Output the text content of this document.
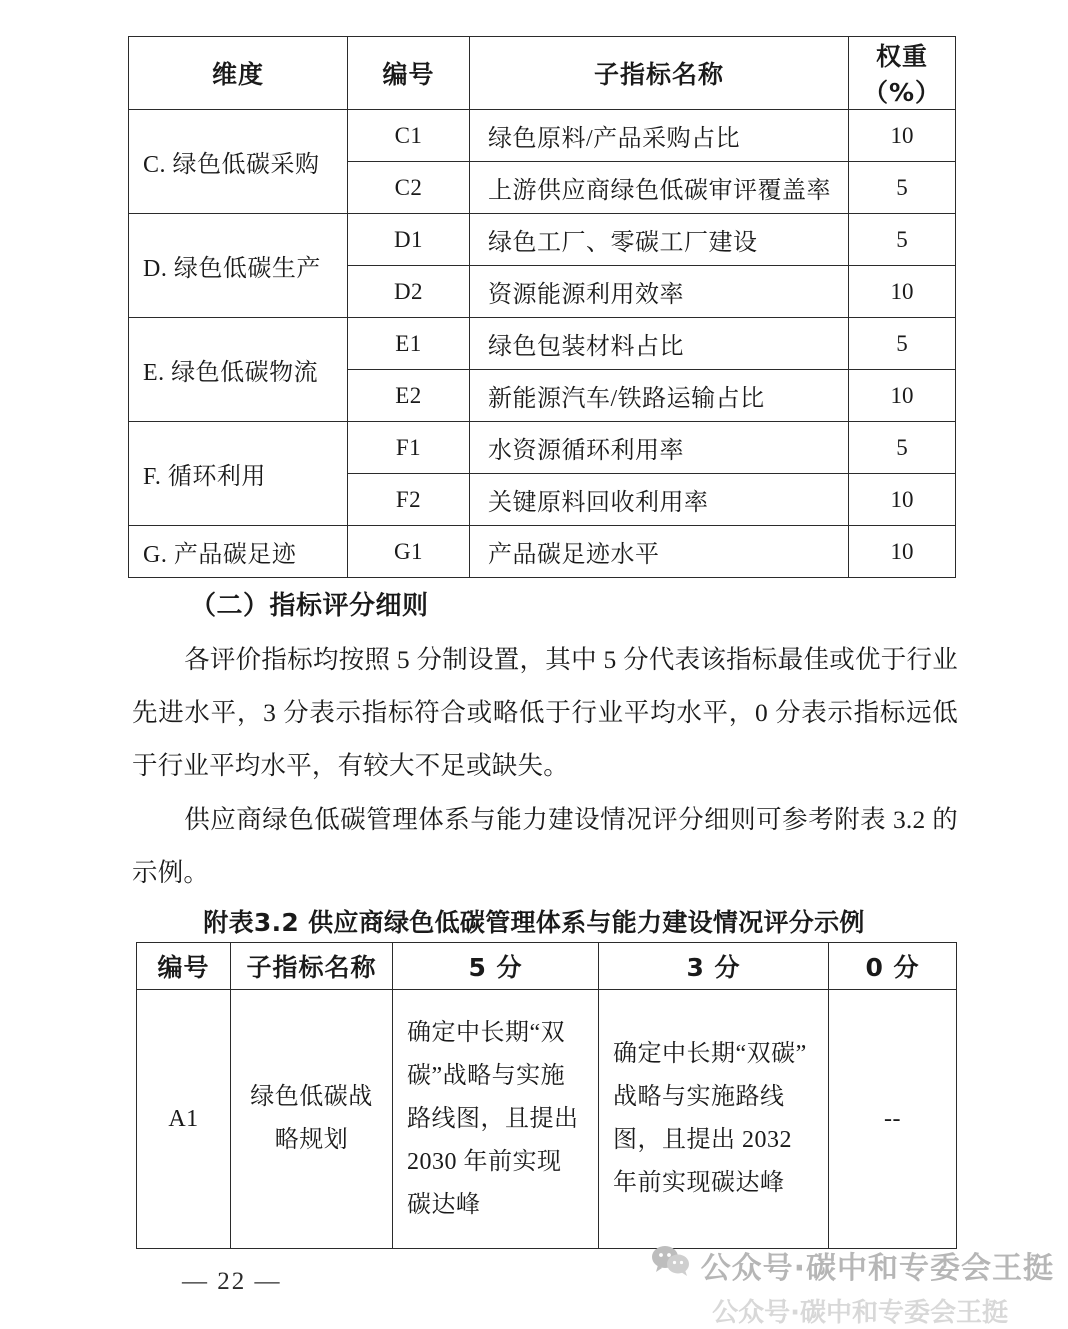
维度	编号	子指标名称	权重（%）
C. 绿色低碳采购	C1	绿色原料/产品采购占比	10
	C2	上游供应商绿色低碳审评覆盖率	5
D. 绿色低碳生产	D1	绿色工厂、零碳工厂建设	5
	D2	资源能源利用效率	10
E. 绿色低碳物流	E1	绿色包装材料占比	5
	E2	新能源汽车/铁路运输占比	10
F. 循环利用	F1	水资源循环利用率	5
	F2	关键原料回收利用率	10
G. 产品碳足迹	G1	产品碳足迹水平	10
（二）指标评分细则
各评价指标均按照 5 分制设置，其中 5 分代表该指标最佳或优于行业先进水平，3 分表示指标符合或略低于行业平均水平，0 分表示指标远低于行业平均水平，有较大不足或缺失。
供应商绿色低碳管理体系与能力建设情况评分细则可参考附表 3.2 的示例。
附表3.2 供应商绿色低碳管理体系与能力建设情况评分示例
编号	子指标名称	5 分	3 分	0 分
A1	绿色低碳战略规划	确定中长期“双碳”战略与实施路线图，且提出 2030 年前实现碳达峰	确定中长期“双碳”战略与实施路线图，且提出 2032 年前实现碳达峰	--
— 22 —	公众号·碳中和专委会王挺
公众号·碳中和专委会王挺
